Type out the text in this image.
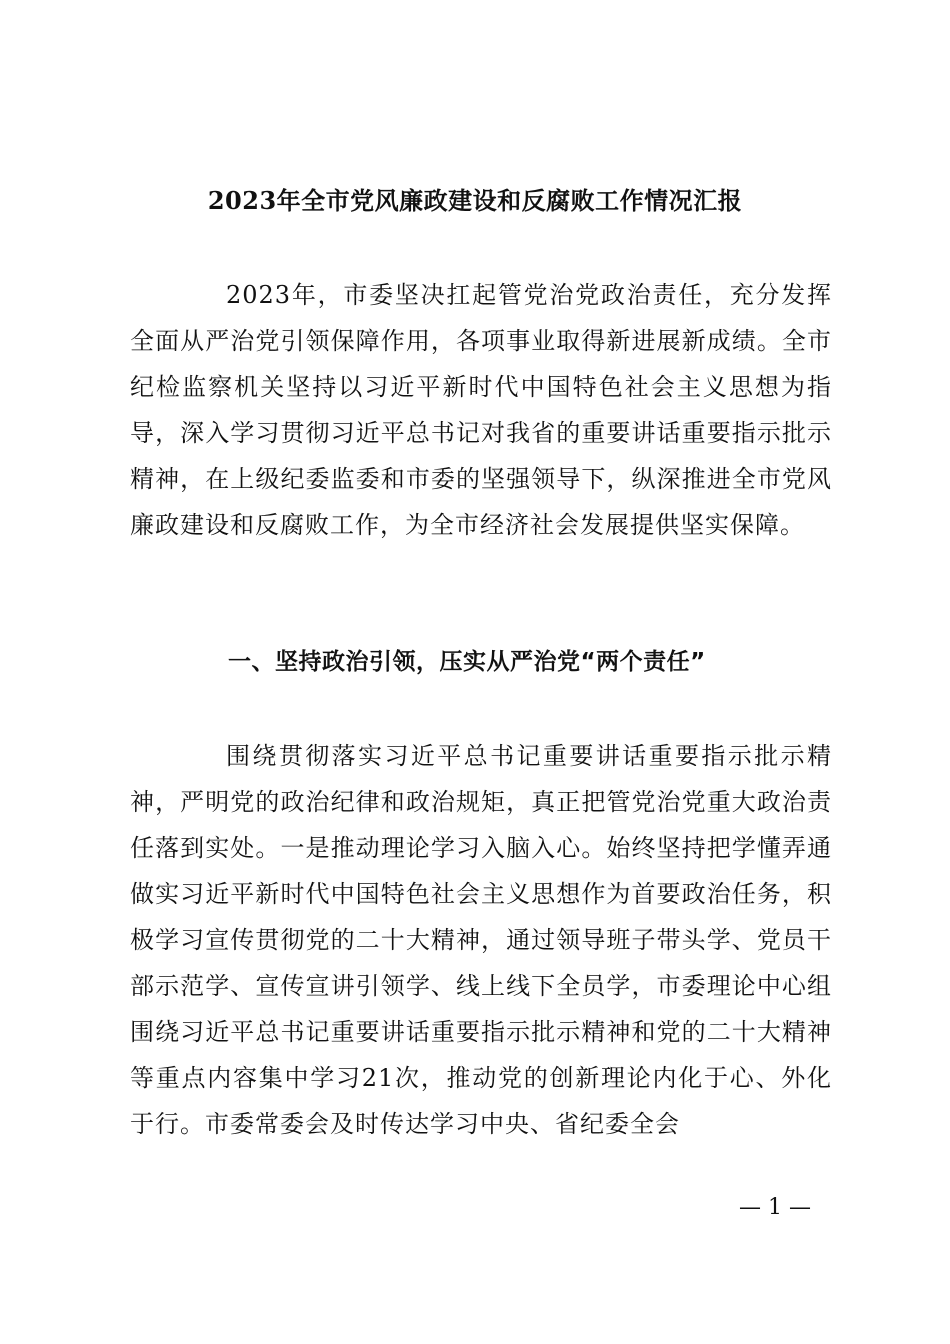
2023年全市党风廉政建设和反腐败工作情况汇报

2023年，市委坚决扛起管党治党政治责任，充分发挥全面从严治党引领保障作用，各项事业取得新进展新成绩。全市纪检监察机关坚持以习近平新时代中国特色社会主义思想为指导，深入学习贯彻习近平总书记对我省的重要讲话重要指示批示精神，在上级纪委监委和市委的坚强领导下，纵深推进全市党风廉政建设和反腐败工作，为全市经济社会发展提供坚实保障。

一、坚持政治引领，压实从严治党“两个责任”

围绕贯彻落实习近平总书记重要讲话重要指示批示精神，严明党的政治纪律和政治规矩，真正把管党治党重大政治责任落到实处。一是推动理论学习入脑入心。始终坚持把学懂弄通做实习近平新时代中国特色社会主义思想作为首要政治任务，积极学习宣传贯彻党的二十大精神，通过领导班子带头学、党员干部示范学、宣传宣讲引领学、线上线下全员学，市委理论中心组围绕习近平总书记重要讲话重要指示批示精神和党的二十大精神等重点内容集中学习21次，推动党的创新理论内化于心、外化于行。市委常委会及时传达学习中央、省纪委全会

— 1 —
